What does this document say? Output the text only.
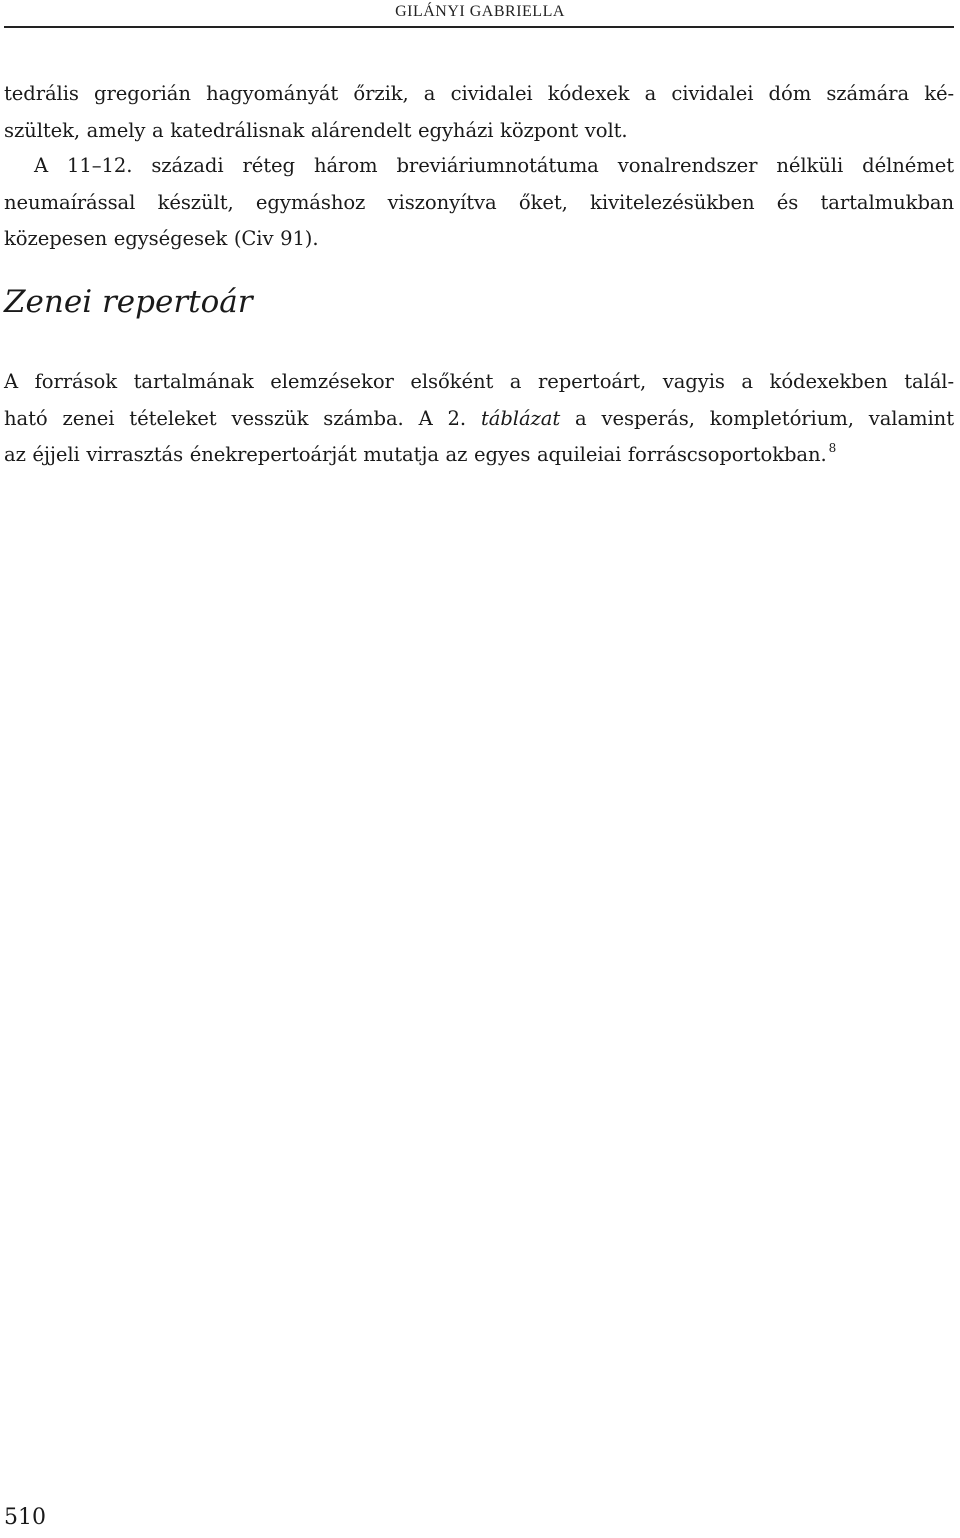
GILÁNYI GABRIELLA
tedrális gregorián hagyományát őrzik, a cividalei kódexek a cividalei dóm számára ké-
szültek, amely a katedrálisnak alárendelt egyházi központ volt.
A 11–12. századi réteg három breviáriumnotátuma vonalrendszer nélküli délnémet
neumaírással készült, egymáshoz viszonyítva őket, kivitelezésükben és tartalmukban
közepesen egységesek (Civ 91).
Zenei repertoár
A források tartalmának elemzésekor elsőként a repertoárt, vagyis a kódexekben talál-
ható zenei tételeket vesszük számba. A 2. táblázat a vesperás, kompletórium, valamint
az éjjeli virrasztás énekrepertoárját mutatja az egyes aquileiai forráscsoportokban. $^8$
510
